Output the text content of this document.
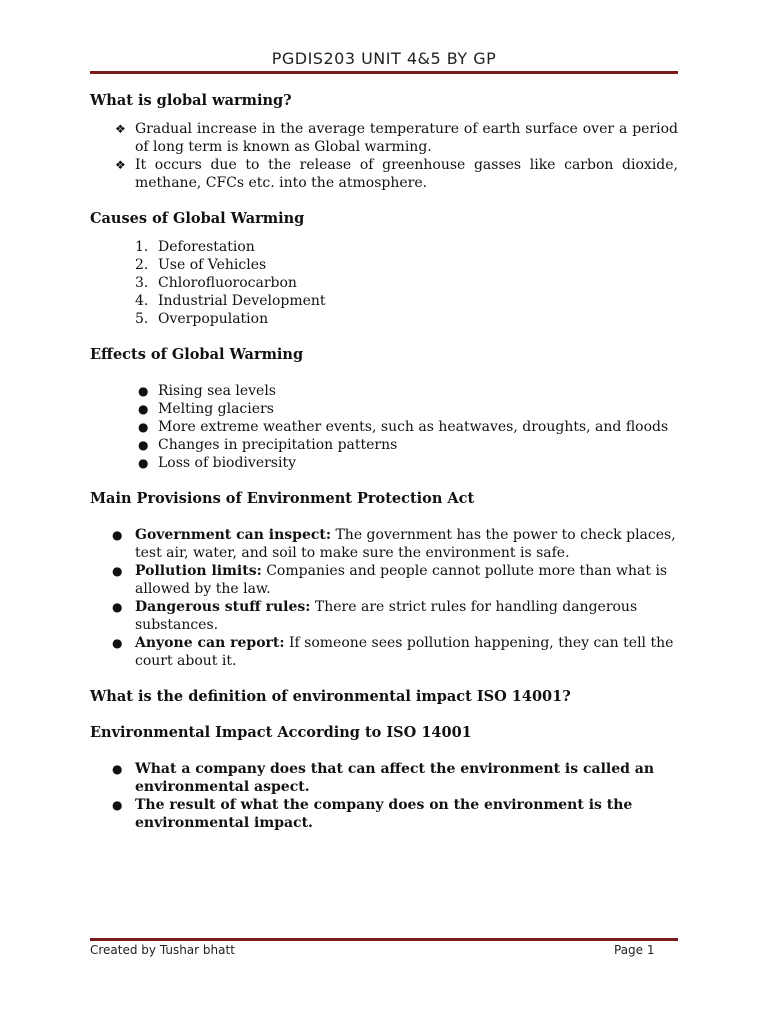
PGDIS203 UNIT 4&5 BY GP
What is global warming?
❖ Gradual increase in the average temperature of earth surface over a period of long term is known as Global warming.
❖ It occurs due to the release of greenhouse gasses like carbon dioxide, methane, CFCs etc. into the atmosphere.
Causes of Global Warming
1. Deforestation
2. Use of Vehicles
3. Chlorofluorocarbon
4. Industrial Development
5. Overpopulation
Effects of Global Warming
● Rising sea levels
● Melting glaciers
● More extreme weather events, such as heatwaves, droughts, and floods
● Changes in precipitation patterns
● Loss of biodiversity
Main Provisions of Environment Protection Act
● Government can inspect: The government has the power to check places, test air, water, and soil to make sure the environment is safe.
● Pollution limits: Companies and people cannot pollute more than what is allowed by the law.
● Dangerous stuff rules: There are strict rules for handling dangerous substances.
● Anyone can report: If someone sees pollution happening, they can tell the court about it.
What is the definition of environmental impact ISO 14001?
Environmental Impact According to ISO 14001
● What a company does that can affect the environment is called an environmental aspect.
● The result of what the company does on the environment is the environmental impact.
Created by Tushar bhatt	Page 1
